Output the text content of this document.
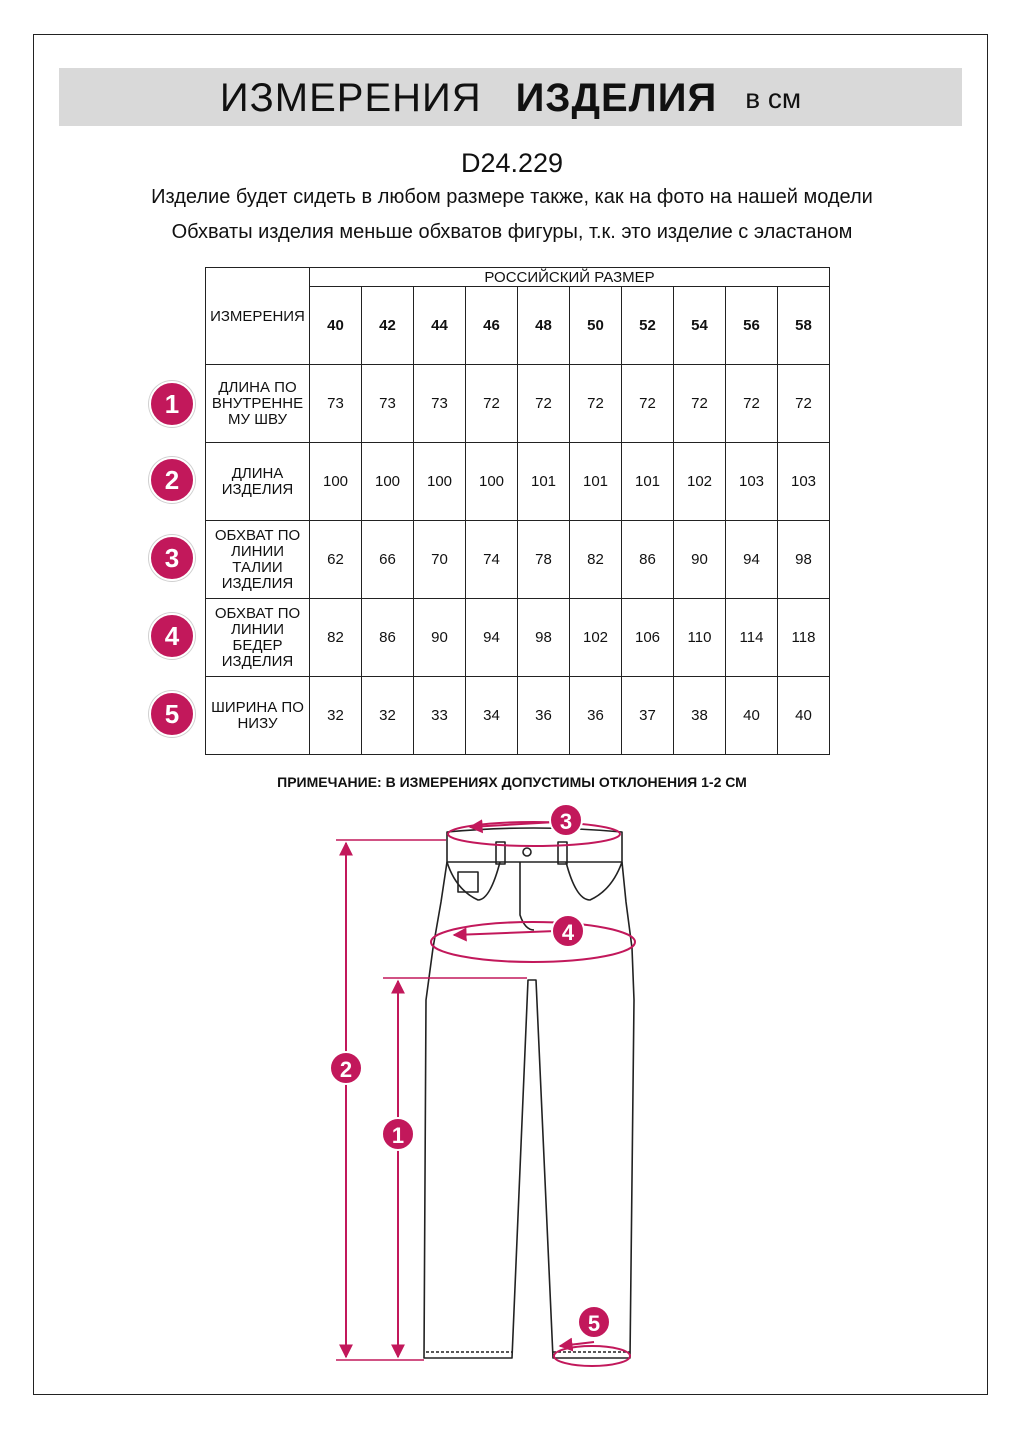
ИЗМЕРЕНИЯ ИЗДЕЛИЯ в см
D24.229
Изделие будет сидеть в любом размере также, как на фото на нашей модели
Обхваты изделия меньше обхватов фигуры, т.к. это изделие с эластаном
ИЗМЕРЕНИЯ	РОССИЙСКИЙ РАЗМЕР									
	40	42	44	46	48	50	52	54	56	58
ДЛИНА ПО ВНУТРЕННЕ МУ ШВУ	73	73	73	72	72	72	72	72	72	72
ДЛИНА ИЗДЕЛИЯ	100	100	100	100	101	101	101	102	103	103
ОБХВАТ ПО ЛИНИИ ТАЛИИ ИЗДЕЛИЯ	62	66	70	74	78	82	86	90	94	98
ОБХВАТ ПО ЛИНИИ БЕДЕР ИЗДЕЛИЯ	82	86	90	94	98	102	106	110	114	118
ШИРИНА ПО НИЗУ	32	32	33	34	36	36	37	38	40	40
1
2
3
4
5
ПРИМЕЧАНИЕ: В ИЗМЕРЕНИЯХ ДОПУСТИМЫ ОТКЛОНЕНИЯ 1-2 СМ
3
4
2
1
5
